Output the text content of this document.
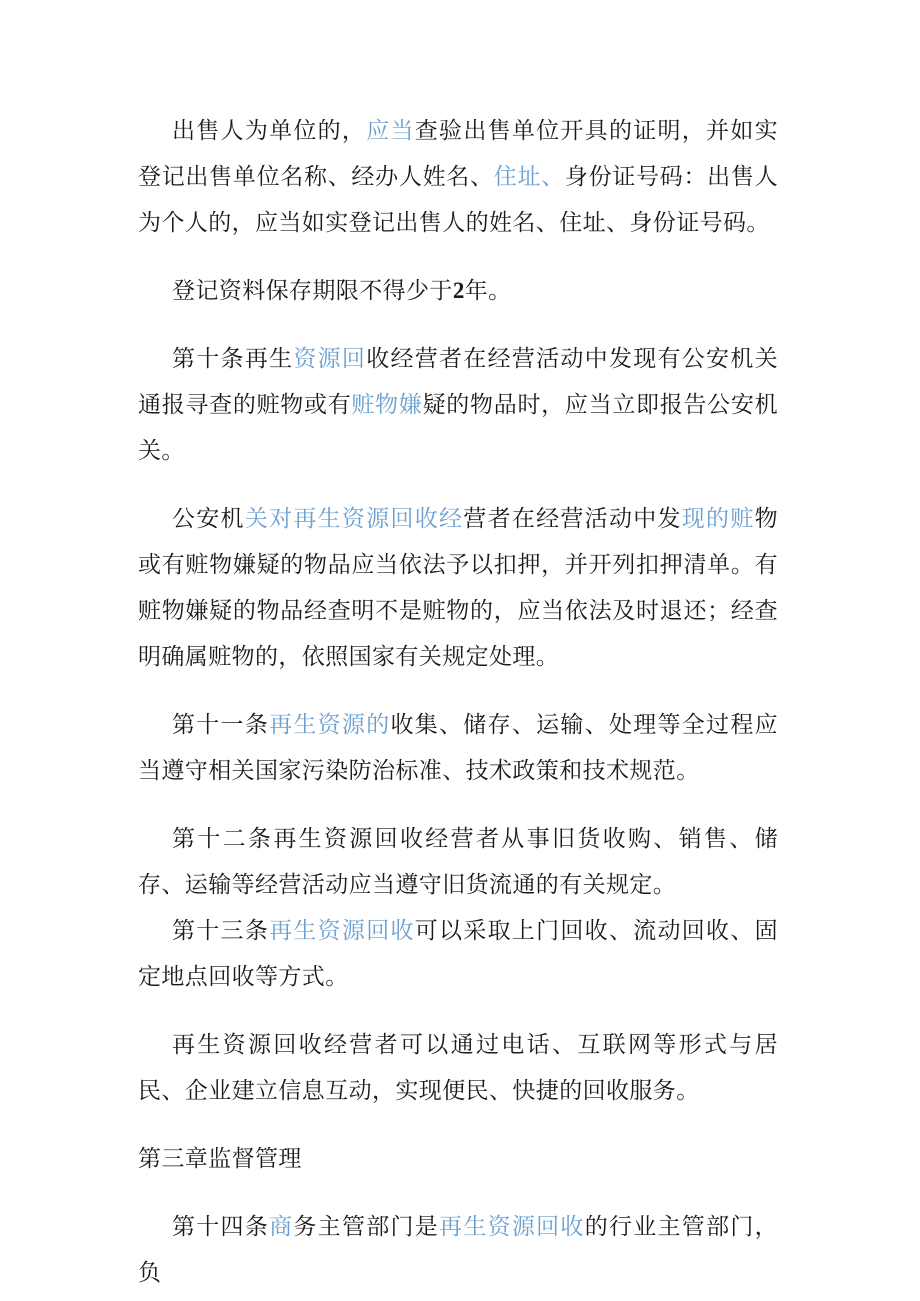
出售人为单位的，应当查验出售单位开具的证明，并如实登记出售单位名称、经办人姓名、住址、身份证号码：出售人为个人的，应当如实登记出售人的姓名、住址、身份证号码。

登记资料保存期限不得少于2年。

第十条再生资源回收经营者在经营活动中发现有公安机关通报寻查的赃物或有赃物嫌疑的物品时，应当立即报告公安机关。

公安机关对再生资源回收经营者在经营活动中发现的赃物或有赃物嫌疑的物品应当依法予以扣押，并开列扣押清单。有赃物嫌疑的物品经查明不是赃物的，应当依法及时退还；经查明确属赃物的，依照国家有关规定处理。

第十一条再生资源的收集、储存、运输、处理等全过程应当遵守相关国家污染防治标准、技术政策和技术规范。

第十二条再生资源回收经营者从事旧货收购、销售、储存、运输等经营活动应当遵守旧货流通的有关规定。

第十三条再生资源回收可以采取上门回收、流动回收、固定地点回收等方式。

再生资源回收经营者可以通过电话、互联网等形式与居民、企业建立信息互动，实现便民、快捷的回收服务。

第三章监督管理

第十四条商务主管部门是再生资源回收的行业主管部门，负
